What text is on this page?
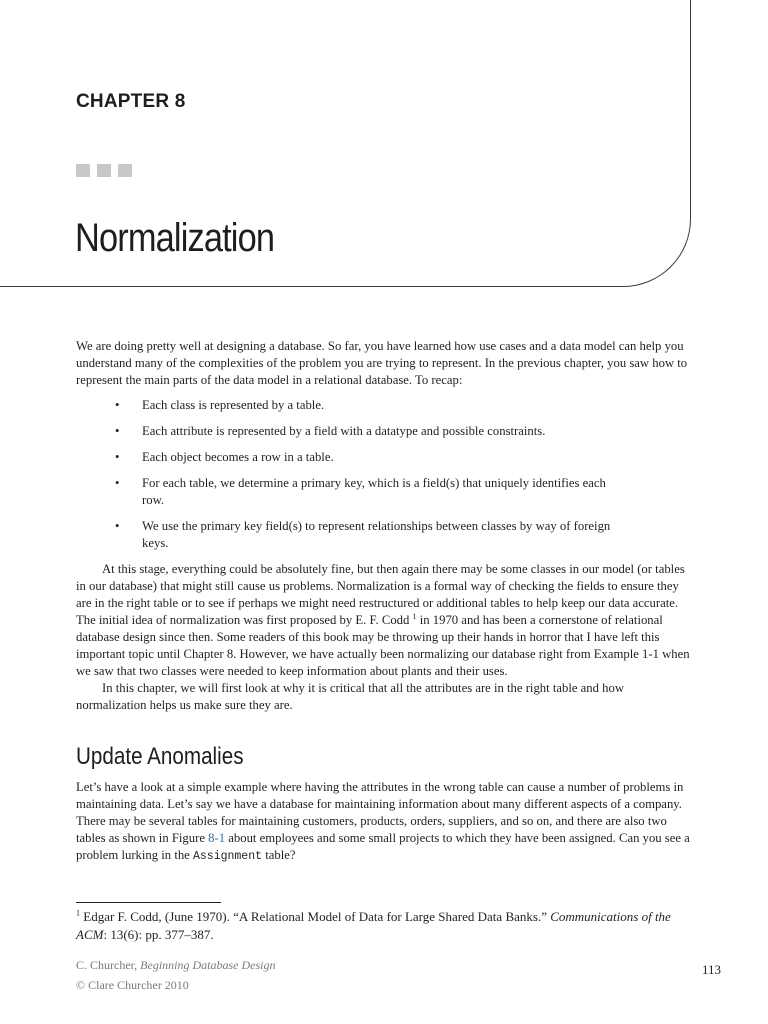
CHAPTER 8
Normalization

We are doing pretty well at designing a database. So far, you have learned how use cases and a data model can help you understand many of the complexities of the problem you are trying to represent. In the previous chapter, you saw how to represent the main parts of the data model in a relational database. To recap:

• Each class is represented by a table.
• Each attribute is represented by a field with a datatype and possible constraints.
• Each object becomes a row in a table.
• For each table, we determine a primary key, which is a field(s) that uniquely identifies each row.
• We use the primary key field(s) to represent relationships between classes by way of foreign keys.

At this stage, everything could be absolutely fine, but then again there may be some classes in our model (or tables in our database) that might still cause us problems. Normalization is a formal way of checking the fields to ensure they are in the right table or to see if perhaps we might need restructured or additional tables to help keep our data accurate. The initial idea of normalization was first proposed by E. F. Codd $^1$ in 1970 and has been a cornerstone of relational database design since then. Some readers of this book may be throwing up their hands in horror that I have left this important topic until Chapter 8. However, we have actually been normalizing our database right from Example 1-1 when we saw that two classes were needed to keep information about plants and their uses.

In this chapter, we will first look at why it is critical that all the attributes are in the right table and how normalization helps us make sure they are.

Update Anomalies

Let’s have a look at a simple example where having the attributes in the wrong table can cause a number of problems in maintaining data. Let’s say we have a database for maintaining information about many different aspects of a company. There may be several tables for maintaining customers, products, orders, suppliers, and so on, and there are also two tables as shown in Figure 8-1 about employees and some small projects to which they have been assigned. Can you see a problem lurking in the Assignment table?

$^1$ Edgar F. Codd, (June 1970). “A Relational Model of Data for Large Shared Data Banks.” Communications of the ACM: 13(6): pp. 377–387.

C. Churcher, Beginning Database Design
© Clare Churcher 2010
113
